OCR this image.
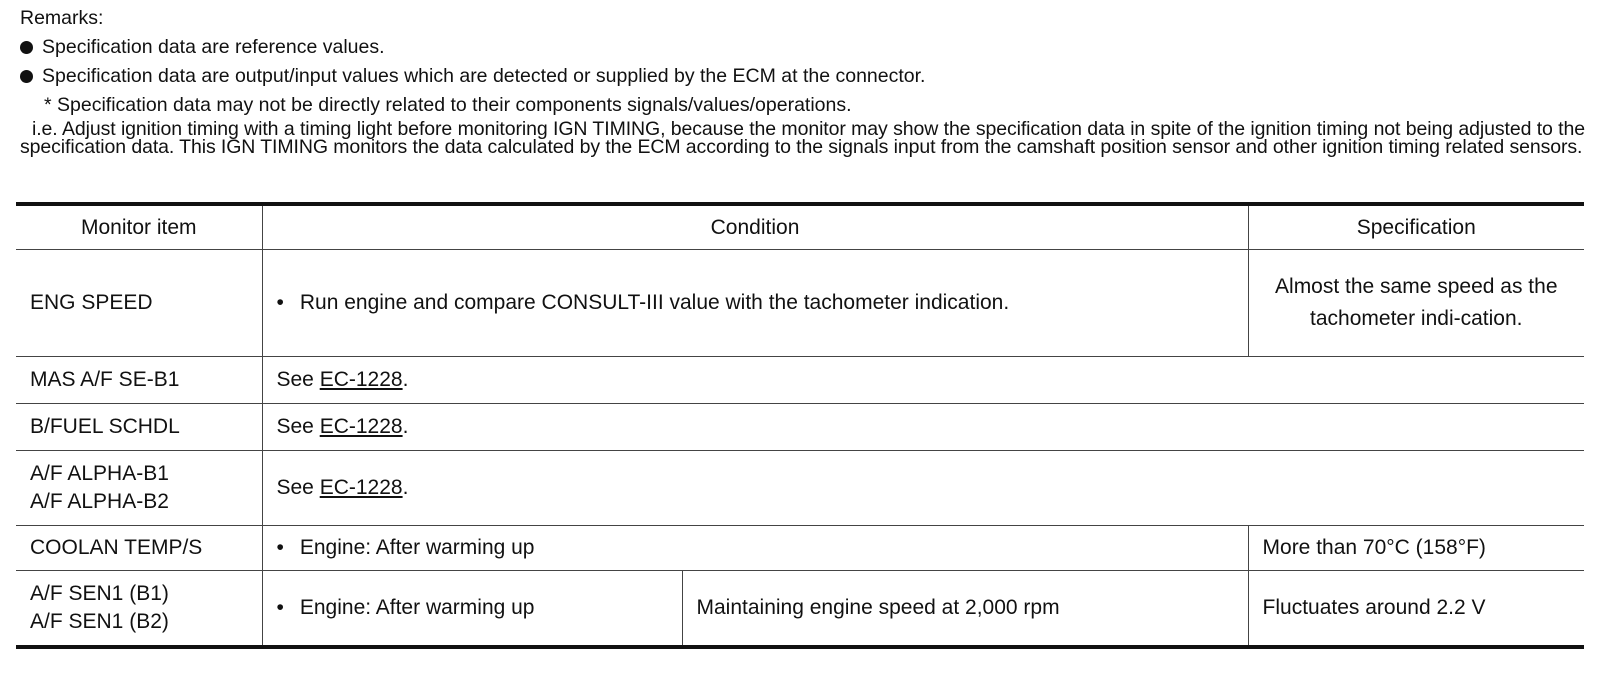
Remarks:
Specification data are reference values.
Specification data are output/input values which are detected or supplied by the ECM at the connector.
* Specification data may not be directly related to their components signals/values/operations.
i.e. Adjust ignition timing with a timing light before monitoring IGN TIMING, because the monitor may show the specification data in spite of the ignition timing not being adjusted to the specification data. This IGN TIMING monitors the data calculated by the ECM according to the signals input from the camshaft position sensor and other ignition timing related sensors.
Monitor item	Condition		Specification
ENG SPEED	• Run engine and compare CONSULT-III value with the tachometer indication.		Almost the same speed as the tachometer indi-cation.
MAS A/F SE-B1	See EC-1228.		
B/FUEL SCHDL	See EC-1228.		

A/F ALPHA-B1
A/F ALPHA-B2	See EC-1228.		
COOLAN TEMP/S	• Engine: After warming up		More than 70°C (158°F)

A/F SEN1 (B1)
A/F SEN1 (B2)	• Engine: After warming up	Maintaining engine speed at 2,000 rpm	Fluctuates around 2.2 V
